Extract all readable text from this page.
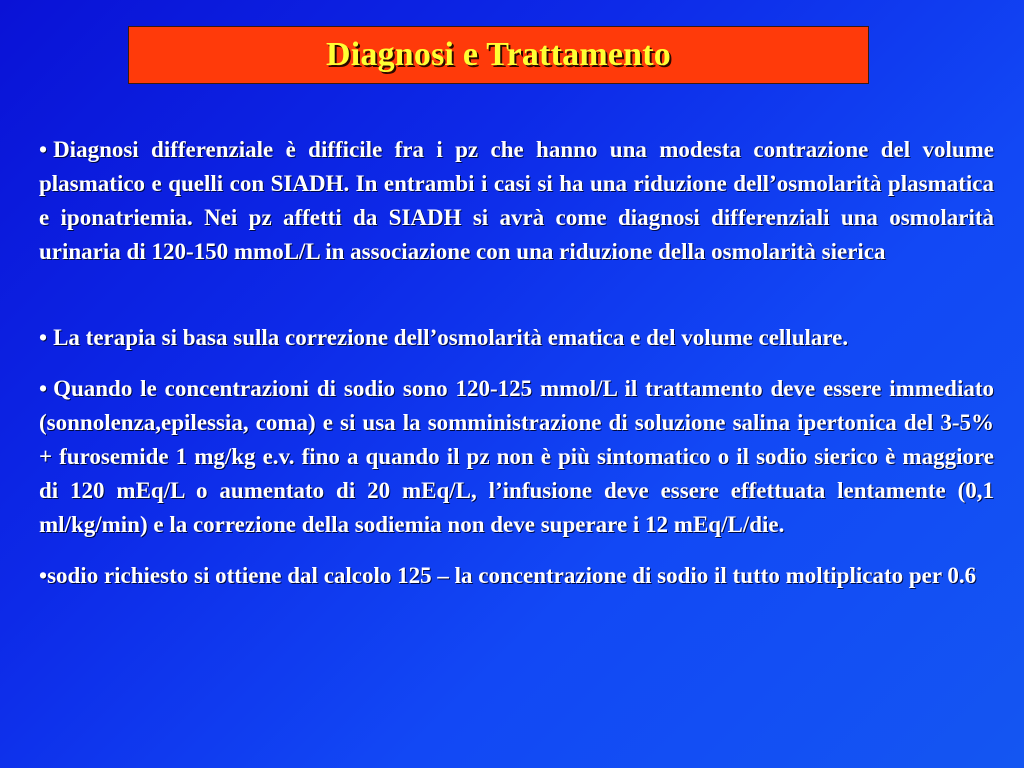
Diagnosi e Trattamento

• Diagnosi differenziale è difficile fra i pz che hanno una modesta contrazione del volume plasmatico e quelli con SIADH. In entrambi i casi si ha una riduzione dell’osmolarità plasmatica e iponatriemia. Nei pz affetti da SIADH si avrà come diagnosi differenziali una osmolarità urinaria di 120-150 mmoL/L in associazione con una riduzione della osmolarità sierica

• La terapia si basa sulla correzione dell’osmolarità ematica e del volume cellulare.

• Quando le concentrazioni di sodio sono 120-125 mmol/L il trattamento deve essere immediato (sonnolenza,epilessia, coma) e si usa la somministrazione di soluzione salina ipertonica del 3-5% + furosemide 1 mg/kg e.v. fino a quando il pz non è più sintomatico o il sodio sierico è maggiore di 120 mEq/L o aumentato di 20 mEq/L, l’infusione deve essere effettuata lentamente (0,1 ml/kg/min) e la correzione della sodiemia non deve superare i 12 mEq/L/die.

•sodio richiesto si ottiene dal calcolo 125 – la concentrazione di sodio il tutto moltiplicato per 0.6
